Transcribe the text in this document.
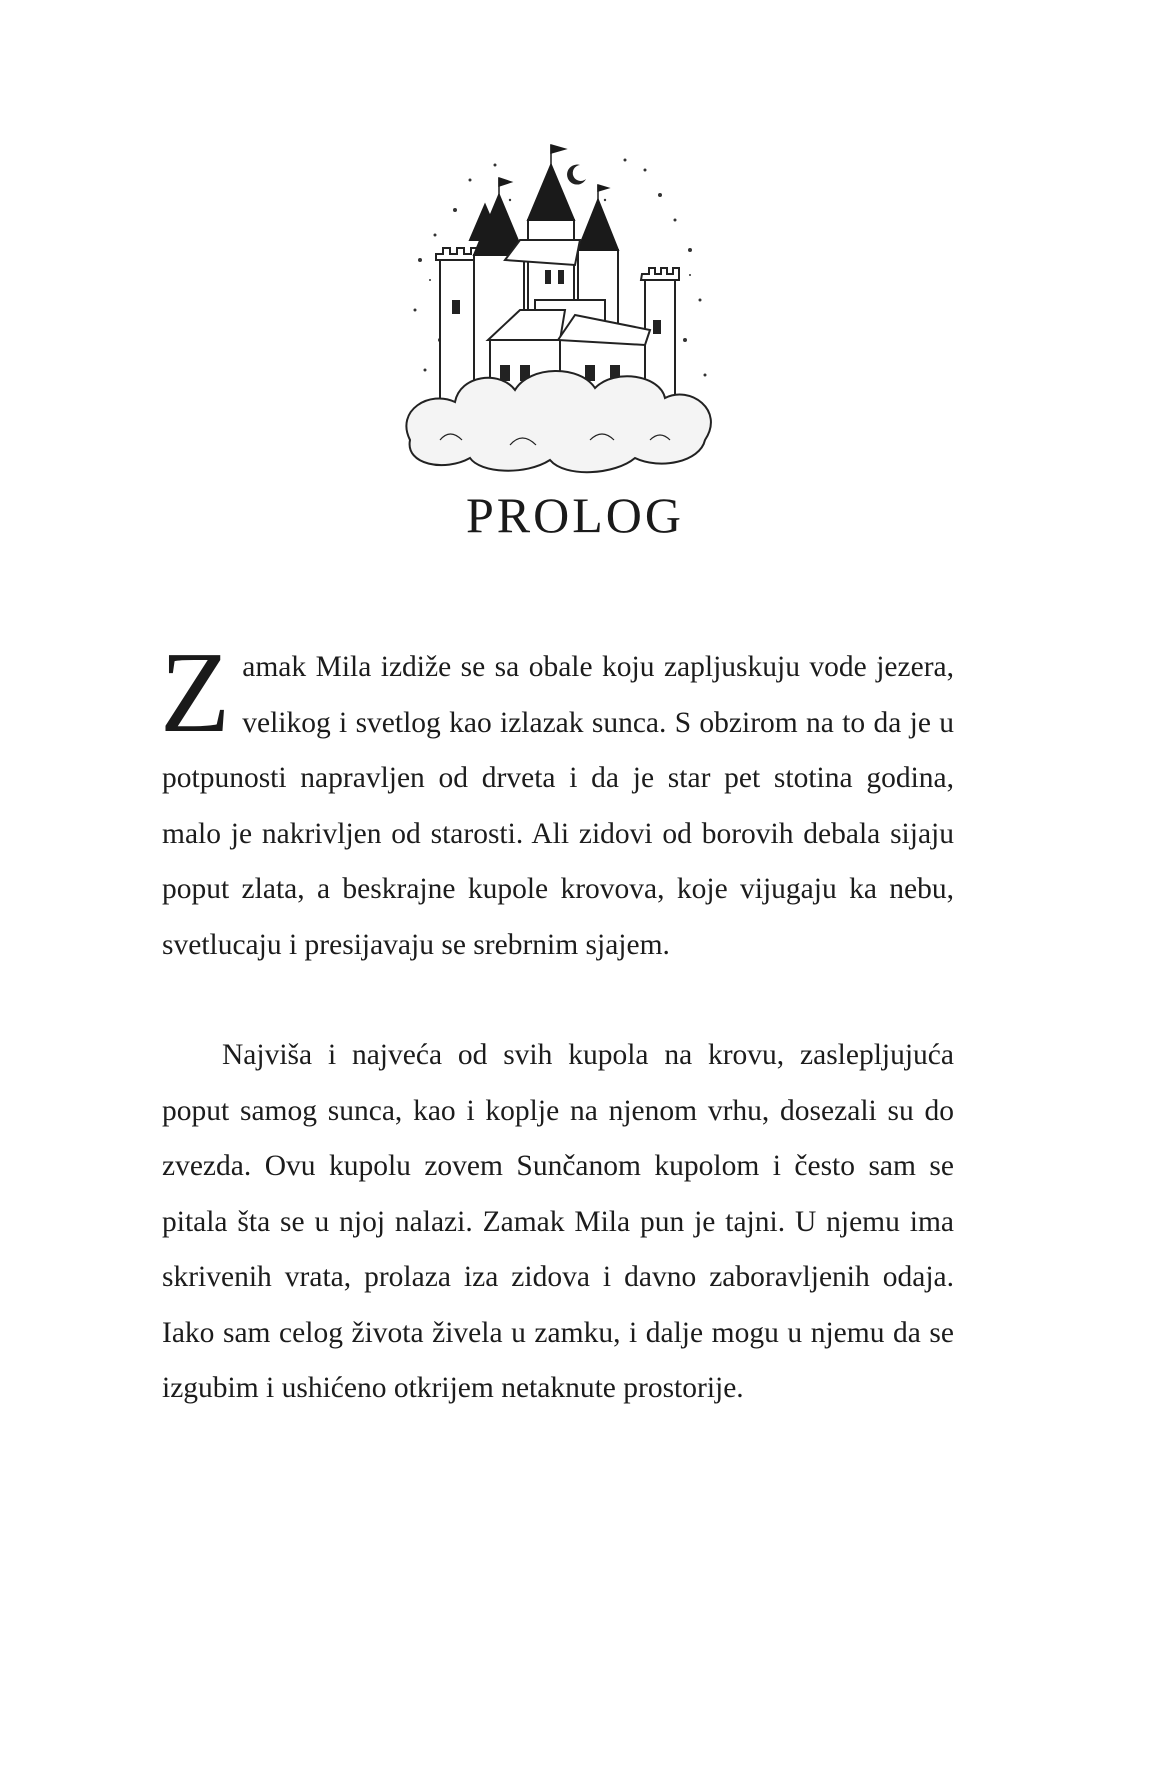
PROLOG

Zamak Mila izdiže se sa obale koju zapljuskuju vode jezera, velikog i svetlog kao izlazak sunca. S obzirom na to da je u potpunosti napravljen od drveta i da je star pet stotina godina, malo je nakrivljen od starosti. Ali zidovi od borovih debala sijaju poput zlata, a beskrajne kupole krovova, koje vijugaju ka nebu, svetlucaju i presijavaju se srebrnim sjajem.

Najviša i najveća od svih kupola na krovu, zaslepljujuća poput samog sunca, kao i koplje na njenom vrhu, dosezali su do zvezda. Ovu kupolu zovem Sunčanom kupolom i često sam se pitala šta se u njoj nalazi. Zamak Mila pun je tajni. U njemu ima skrivenih vrata, prolaza iza zidova i davno zaboravljenih odaja. Iako sam celog života živela u zamku, i dalje mogu u njemu da se izgubim i ushićeno otkrijem netaknute prostorije.
